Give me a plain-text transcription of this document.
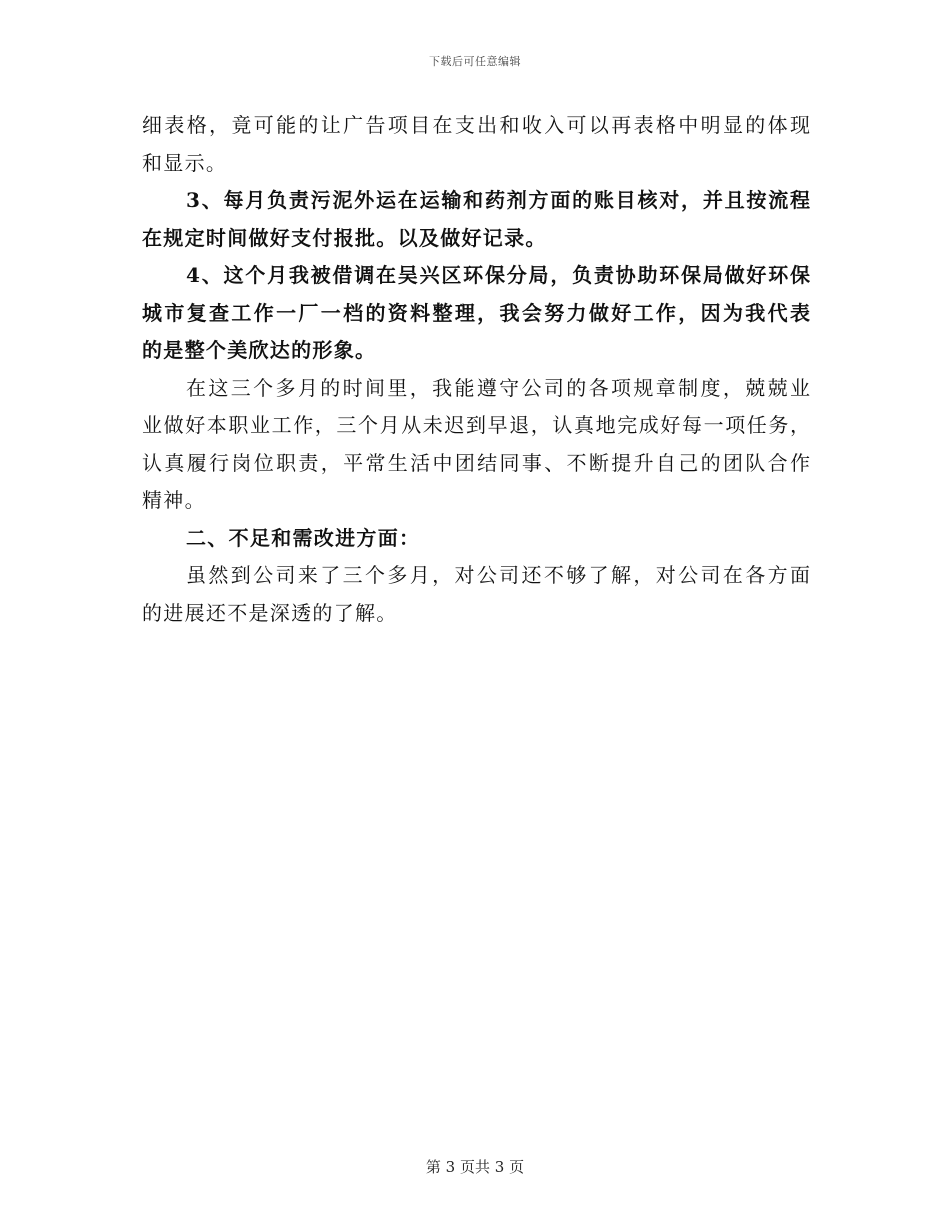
下载后可任意编辑
细表格，竟可能的让广告项目在支出和收入可以再表格中明显的体现
和显示。
3、每月负责污泥外运在运输和药剂方面的账目核对，并且按流程
在规定时间做好支付报批。以及做好记录。
4、这个月我被借调在吴兴区环保分局，负责协助环保局做好环保
城市复查工作一厂一档的资料整理，我会努力做好工作，因为我代表
的是整个美欣达的形象。
在这三个多月的时间里，我能遵守公司的各项规章制度，兢兢业
业做好本职业工作，三个月从未迟到早退，认真地完成好每一项任务，
认真履行岗位职责，平常生活中团结同事、不断提升自己的团队合作
精神。
二、不足和需改进方面：
虽然到公司来了三个多月，对公司还不够了解，对公司在各方面
的进展还不是深透的了解。
第 3 页共 3 页
